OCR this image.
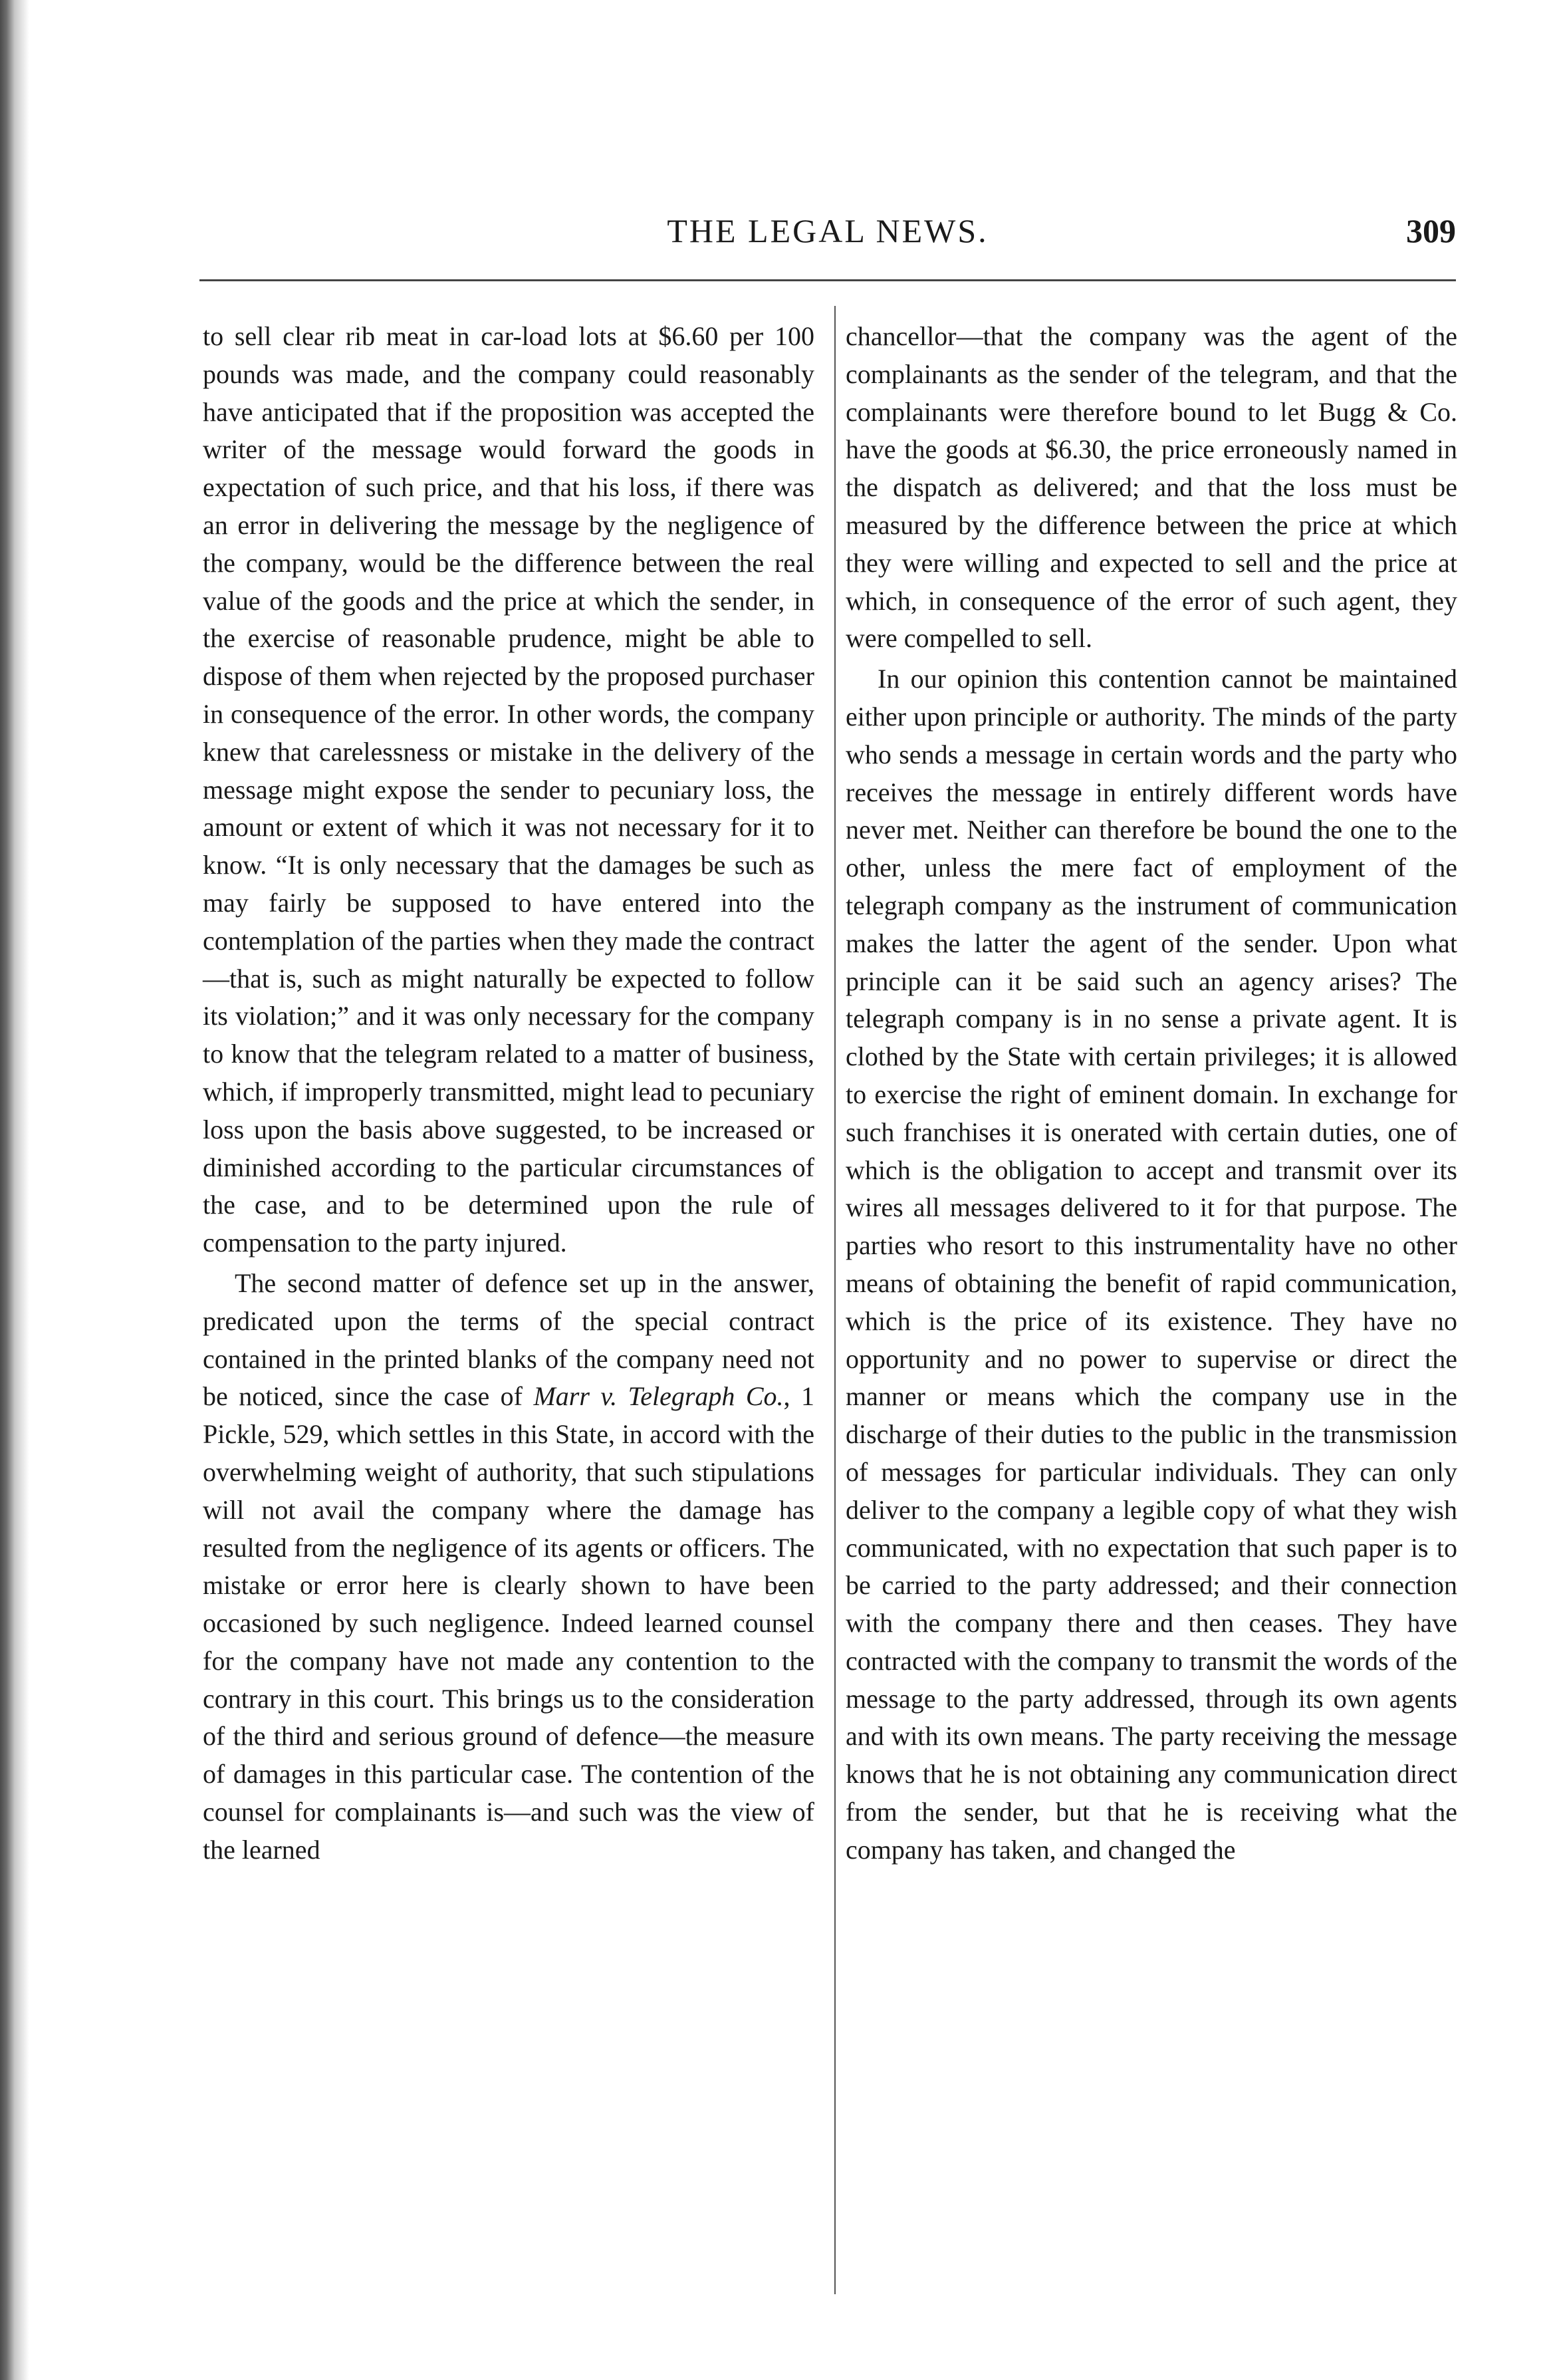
THE LEGAL NEWS.	309

to sell clear rib meat in car-load lots at $6.60 per 100 pounds was made, and the company could reasonably have anticipated that if the proposition was accepted the writer of the message would forward the goods in expectation of such price, and that his loss, if there was an error in delivering the message by the negligence of the company, would be the difference between the real value of the goods and the price at which the sender, in the exercise of reasonable prudence, might be able to dispose of them when rejected by the proposed purchaser in consequence of the error. In other words, the company knew that carelessness or mistake in the delivery of the message might expose the sender to pecuniary loss, the amount or extent of which it was not necessary for it to know. “It is only necessary that the damages be such as may fairly be supposed to have entered into the contemplation of the parties when they made the contract—that is, such as might naturally be expected to follow its violation;” and it was only necessary for the company to know that the telegram related to a matter of business, which, if improperly transmitted, might lead to pecuniary loss upon the basis above suggested, to be increased or diminished according to the particular circumstances of the case, and to be determined upon the rule of compensation to the party injured.

The second matter of defence set up in the answer, predicated upon the terms of the special contract contained in the printed blanks of the company need not be noticed, since the case of Marr v. Telegraph Co., 1 Pickle, 529, which settles in this State, in accord with the overwhelming weight of authority, that such stipulations will not avail the company where the damage has resulted from the negligence of its agents or officers. The mistake or error here is clearly shown to have been occasioned by such negligence. Indeed learned counsel for the company have not made any contention to the contrary in this court. This brings us to the consideration of the third and serious ground of defence—the measure of damages in this particular case. The contention of the counsel for complainants is—and such was the view of the learned

chancellor—that the company was the agent of the complainants as the sender of the telegram, and that the complainants were therefore bound to let Bugg & Co. have the goods at $6.30, the price erroneously named in the dispatch as delivered; and that the loss must be measured by the difference between the price at which they were willing and expected to sell and the price at which, in consequence of the error of such agent, they were compelled to sell.

In our opinion this contention cannot be maintained either upon principle or authority. The minds of the party who sends a message in certain words and the party who receives the message in entirely different words have never met. Neither can therefore be bound the one to the other, unless the mere fact of employment of the telegraph company as the instrument of communication makes the latter the agent of the sender. Upon what principle can it be said such an agency arises? The telegraph company is in no sense a private agent. It is clothed by the State with certain privileges; it is allowed to exercise the right of eminent domain. In exchange for such franchises it is onerated with certain duties, one of which is the obligation to accept and transmit over its wires all messages delivered to it for that purpose. The parties who resort to this instrumentality have no other means of obtaining the benefit of rapid communication, which is the price of its existence. They have no opportunity and no power to supervise or direct the manner or means which the company use in the discharge of their duties to the public in the transmission of messages for particular individuals. They can only deliver to the company a legible copy of what they wish communicated, with no expectation that such paper is to be carried to the party addressed; and their connection with the company there and then ceases. They have contracted with the company to transmit the words of the message to the party addressed, through its own agents and with its own means. The party receiving the message knows that he is not obtaining any communication direct from the sender, but that he is receiving what the company has taken, and changed the
